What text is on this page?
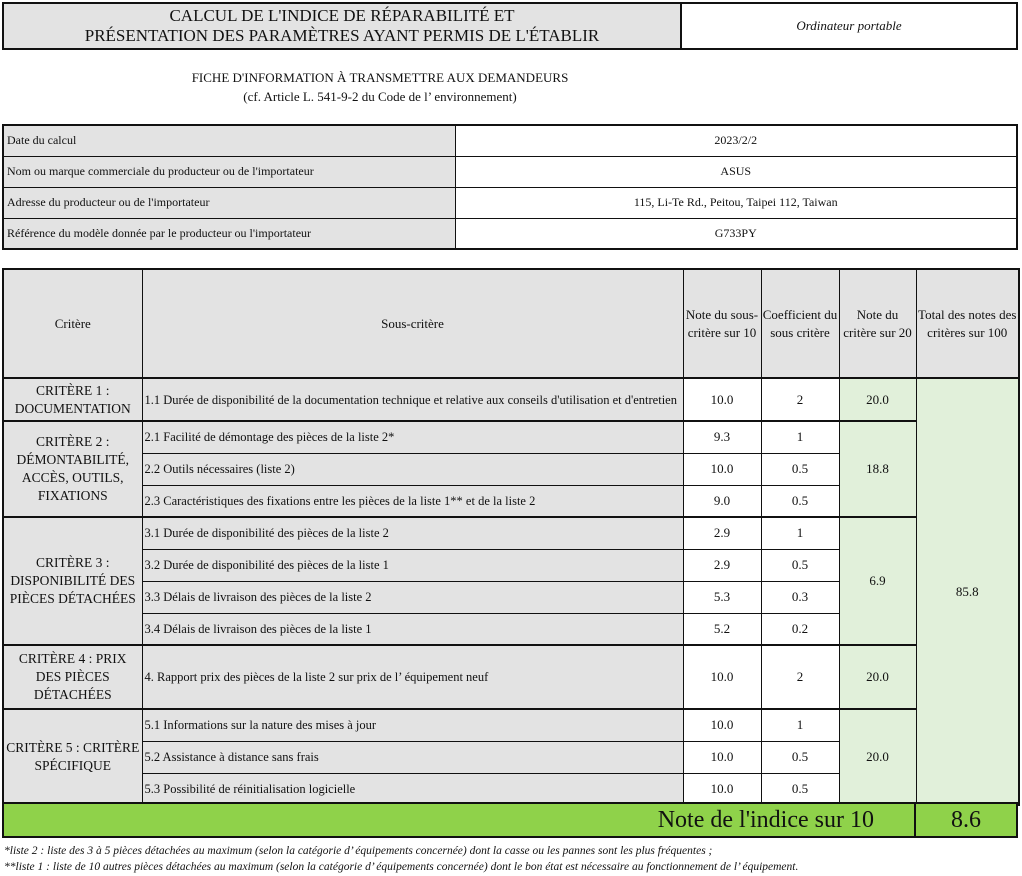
CALCUL DE L'INDICE DE RÉPARABILITÉ ET
PRÉSENTATION DES PARAMÈTRES AYANT PERMIS DE L'ÉTABLIR
Ordinateur portable
FICHE D'INFORMATION À TRANSMETTRE AUX DEMANDEURS
(cf. Article L. 541-9-2 du Code de l’ environnement)
Date du calcul	2023/2/2
Nom ou marque commerciale du producteur ou de l'importateur	ASUS
Adresse du producteur ou de l'importateur	115, Li-Te Rd., Peitou, Taipei 112, Taiwan
Référence du modèle donnée par le producteur ou l'importateur	G733PY
Critère	Sous-critère	Note du sous-critère sur 10	Coefficient du sous critère	Note du critère sur 20	Total des notes des critères sur 100
CRITÈRE 1 : DOCUMENTATION	1.1 Durée de disponibilité de la documentation technique et relative aux conseils d'utilisation et d'entretien	10.0	2	20.0	85.8
CRITÈRE 2 : DÉMONTABILITÉ, ACCÈS, OUTILS, FIXATIONS	2.1 Facilité de démontage des pièces de la liste 2*	9.3	1	18.8	
	2.2 Outils nécessaires (liste 2)	10.0	0.5		
	2.3 Caractéristiques des fixations entre les pièces de la liste 1** et de la liste 2	9.0	0.5		
CRITÈRE 3 : DISPONIBILITÉ DES PIÈCES DÉTACHÉES	3.1 Durée de disponibilité des pièces de la liste 2	2.9	1	6.9	
	3.2 Durée de disponibilité des pièces de la liste 1	2.9	0.5		
	3.3 Délais de livraison des pièces de la liste 2	5.3	0.3		
	3.4 Délais de livraison des pièces de la liste 1	5.2	0.2		
CRITÈRE 4 : PRIX DES PIÈCES DÉTACHÉES	4. Rapport prix des pièces de la liste 2 sur prix de l’ équipement neuf	10.0	2	20.0	
CRITÈRE 5 : CRITÈRE SPÉCIFIQUE	5.1 Informations sur la nature des mises à jour	10.0	1	20.0	
	5.2 Assistance à distance sans frais	10.0	0.5		
	5.3 Possibilité de réinitialisation logicielle	10.0	0.5		
Note de l'indice sur 10	8.6
*liste 2 : liste des 3 à 5 pièces détachées au maximum (selon la catégorie d’ équipements concernée) dont la casse ou les pannes sont les plus fréquentes ;
**liste 1 : liste de 10 autres pièces détachées au maximum (selon la catégorie d’ équipements concernée) dont le bon état est nécessaire au fonctionnement de l’ équipement.
